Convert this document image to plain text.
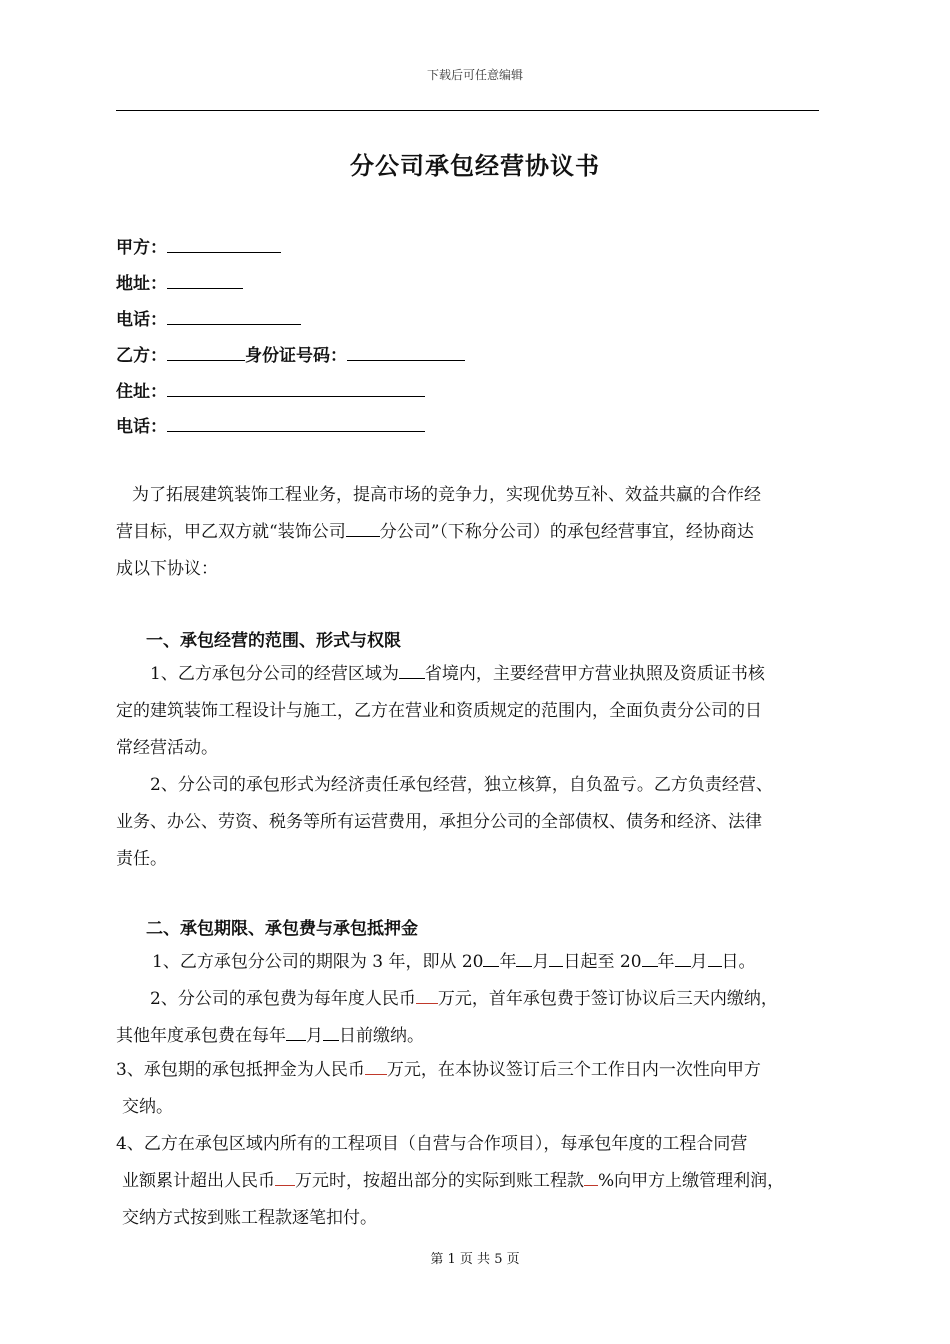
下载后可任意编辑
分公司承包经营协议书
甲方：
地址：
电话：
乙方：	身份证号码：
住址：
电话：
为了拓展建筑装饰工程业务，提高市场的竞争力，实现优势互补、效益共赢的合作经
营目标，甲乙双方就“装饰公司 分公司”（下称分公司）的承包经营事宜，经协商达
成以下协议：
一、承包经营的范围、形式与权限
1、乙方承包分公司的经营区域为 省境内，主要经营甲方营业执照及资质证书核
定的建筑装饰工程设计与施工，乙方在营业和资质规定的范围内，全面负责分公司的日
常经营活动。
2、分公司的承包形式为经济责任承包经营，独立核算，自负盈亏。乙方负责经营、
业务、办公、劳资、税务等所有运营费用，承担分公司的全部债权、债务和经济、法律
责任。
二、承包期限、承包费与承包抵押金
1、乙方承包分公司的期限为 3 年，即从 20 年 月 日起至 20 年 月 日。
2、分公司的承包费为每年度人民币 万元，首年承包费于签订协议后三天内缴纳，
其他年度承包费在每年 月 日前缴纳。
3、承包期的承包抵押金为人民币 万元，在本协议签订后三个工作日内一次性向甲方
交纳。
4、乙方在承包区域内所有的工程项目（自营与合作项目），每承包年度的工程合同营
业额累计超出人民币 万元时，按超出部分的实际到账工程款 %向甲方上缴管理利润，
交纳方式按到账工程款逐笔扣付。
第 1 页 共 5 页
